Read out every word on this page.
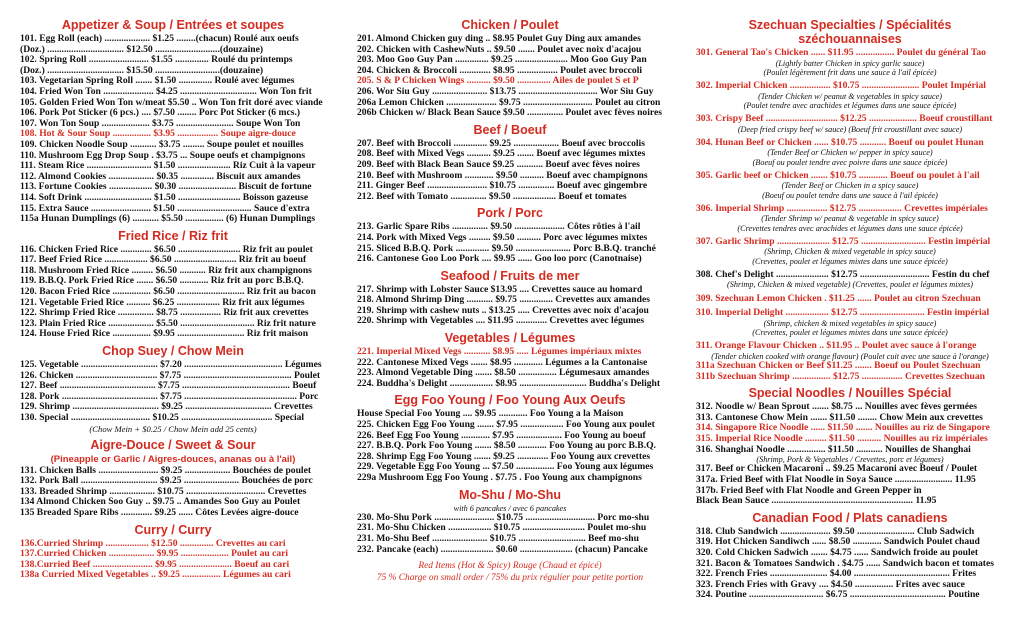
Appetizer & Soup / Entrées et soupes
101. Egg Roll (each) ................... $1.25 ........(chacun) Roulé aux oeufs
(Doz.) ................................ $12.50 ...........................(douzaine)
102. Spring Roll ......................... $1.55 .............. Roulé du printemps
(Doz.) ................................ $15.50 ...........................(douzaine)
103. Vegetarian Spring Roll ....... $1.50 .............. Roulé avec légumes
104. Fried Won Ton ..................... $4.25 ................................ Won Ton frit
105. Golden Fried Won Ton w/meat $5.50 .. Won Ton frit doré avec viande
106. Pork Pot Sticker (6 pcs.) .... $7.50 ........ Porc Pot Sticker (6 mcs.)
107. Won Ton Soup .................... $3.75 ........................ Soupe Won Ton
108. Hot & Sour Soup ................ $3.95 ................. Soupe aigre-douce
109. Chicken Noodle Soup ........... $3.75 ......... Soupe poulet et nouilles
110. Mushroom Egg Drop Soup . $3.75 ... Soupe oeufs et champignons
111. Steam Rice ........................... $1.50 ...................... Riz Cuit à la vapeur
112. Almond Cookies ................... $0.35 .............. Biscuit aux amandes
113. Fortune Cookies .................. $0.30 ........................ Biscuit de fortune
114. Soft Drink ............................ $1.50 .......................... Boisson gazeuse
115. Extra Sauce ......................... $1.50 ............................... Sauce d'extra
115a Hunan Dumplings (6) ........... $5.50 ................ (6) Hunan Dumplings
Fried Rice / Riz frit
116. Chicken Fried Rice ............. $6.50 .......................... Riz frit au poulet
117. Beef Fried Rice .................. $6.50 .......................... Riz frit au boeuf
118. Mushroom Fried Rice ......... $6.50 ........... Riz frit aux champignons
119. B.B.Q. Pork Fried Rice ....... $6.50 ............ Riz frit au porc B.B.Q.
120. Bacon Fried Rice ................ $6.50 ............................ Riz frit au bacon
121. Vegetable Fried Rice .......... $6.25 .................. Riz frit aux légumes
122. Shrimp Fried Rice ............... $8.75 ................. Riz frit aux crevettes
123. Plain Fried Rice ................... $5.50 ............................... Riz frit nature
124. House Fried Rice ................ $9.95 ............................ Riz frit maison
Chop Suey / Chow Mein
125. Vegetable ................................ $7.20 ......................................... Légumes
126. Chicken .................................. $7.75 ............................................. Poulet
127. Beef ........................................ $7.75 ............................................. Boeuf
128. Pork ........................................ $7.75 ............................................... Porc
129. Shrimp .................................... $9.25 .................................... Crevettes
130. Special ................................. $10.25 ...................................... Special
(Chow Mein + $0.25 / Chow Mein add 25 cents)
Aigre-Douce / Sweet & Sour
(Pineapple or Garlic / Aigres-douces, ananas ou à l'ail)
131. Chicken Balls ......................... $9.25 ................... Bouchées de poulet
132. Pork Ball ................................ $9.25 ....................... Bouchées de porc
133. Breaded Shrimp ................... $10.75 ................................. Crevettes
134 Almond Chicken Soo Guy .. $9.75 .. Amandes Soo Guy au Poulet
135 Breaded Spare Ribs ............. $9.25 ...... Côtes Levées aigre-douce
Curry / Curry
136.Curried Shrimp .................. $12.50 .............. Crevettes au cari
137.Curried Chicken ................... $9.95 .................... Poulet au cari
138.Curried Beef ......................... $9.95 ...................... Boeuf au cari
138a Curried Mixed Vegetables .. $9.25 ................ Légumes au cari
Chicken / Poulet
201. Almond Chicken guy ding .. $8.95 Poulet Guy Ding aux amandes
202. Chicken with CashewNuts .. $9.50 ....... Poulet avec noix d'acajou
203. Moo Goo Guy Pan .............. $9.25 ...................... Moo Goo Guy Pan
204. Chicken & Broccoli ............. $8.95 ................. Poulet avec broccoli
205. S & P Chicken Wings .......... $9.50 .............. Ailes de poulet S et P
206. Wor Siu Guy ....................... $13.75 ................................. Wor Siu Guy
206a Lemon Chicken ..................... $9.75 ............................. Poulet au citron
206b Chicken w/ Black Bean Sauce $9.50 ............... Poulet avec fèves noires
Beef / Boeuf
207. Beef with Broccoli .............. $9.25 ................... Boeuf avec broccolis
208. Beef with Mixed Vegs .......... $9.25 ....... Boeuf avec légumes mixtes
209. Beef with Black Bean Sauce $9.25 ........... Boeuf avec fèves noires
210. Beef with Mushroom ............ $9.50 .......... Boeuf avec champignons
211. Ginger Beef ......................... $10.75 ............... Boeuf avec gingembre
212. Beef with Tomato ............... $9.50 .................. Boeuf et tomates
Pork / Porc
213. Garlic Spare Ribs ............... $9.50 ..................... Côtes rôties à l'ail
214. Pork with Mixed Vegs ......... $9.50 .......... Porc avec légumes mixtes
215. Sliced B.B.Q. Pork .............. $9.50 ....................... Porc B.B.Q. tranché
216. Cantonese Goo Loo Pork .... $9.95 ...... Goo loo porc (Canotnaise)
Seafood / Fruits de mer
217. Shrimp with Lobster Sauce $13.95 .... Crevettes sauce au homard
218. Almond Shrimp Ding ........... $9.75 .............. Crevettes aux amandes
219. Shrimp with cashew nuts .. $13.25 ..... Crevettes avec noix d'acajou
220. Shrimp with Vegetables .... $11.95 ............. Crevettes avec légumes
Vegetables / Légumes
221. Imperial Mixed Vegs ........... $8.95 ..... Légumes impériaux mixtes
222. Cantonese Mixed Vegs ....... $8.95 ............ Légumes a la Cantonaise
223. Almond Vegetable Ding ....... $8.50 ................ Légumesaux amandes
224. Buddha's Delight .................. $8.95 ............................ Buddha's Delight
Egg Foo Young / Foo Young Aux Oeufs
House Special Foo Young .... $9.95 ............ Foo Young a la Maison
225. Chicken Egg Foo Young ....... $7.95 .................. Foo Young aux poulet
226. Beef Egg Foo Young ............ $7.95 ................... Foo Young au boeuf
227. B.B.Q. Pork Foo Young ....... $8.50 ............ Foo Young au porc B.B.Q.
228. Shrimp Egg Foo Young ....... $9.25 ............. Foo Young aux crevettes
229. Vegetable Egg Foo Young ... $7.50 ................ Foo Young aux légumes
229a Mushroom Egg Foo Young . $7.75 . Foo Young aux champignons
Mo-Shu / Mo-Shu
with 6 pancakes / avec 6 pancakes
230. Mo-Shu Pork ......................... $10.75 ............................. Porc mo-shu
231. Mo-Shu Chicken .................. $10.75 .......................... Poulet mo-shu
231. Mo-Shu Beef ....................... $10.75 ............................ Beef mo-shu
232. Pancake (each) ...................... $0.60 ...................... (chacun) Pancake
Red Items (Hot & Spicy) Rouge (Chaud et épicé)
75 % Charge on small order / 75% du prix régulier pour petite portion
Szechuan Specialties / Spécialités széchouannaises
301. General Tao's Chicken ...... $11.95 ................ Poulet du général Tao
(Lightly batter Chicken in spicy garlic sauce)
(Poulet légèrement frit dans une sauce à l'ail épicée)
302. Imperial Chicken ................. $10.75 ........................ Poulet Impérial
(Tender Chicken w/ peanut & vegetables in spicy sauce)
(Poulet tendre avec arachides et légumes dans une sauce épicée)
303. Crispy Beef .............................. $12.25 .................... Boeuf croustillant
(Deep fried crispy beef w/ sauce) (Boeuf frit croustillant avec sauce)
304. Hunan Beef or Chicken ...... $10.75 ........... Boeuf ou poulet Hunan
(Tender Beef or Chicken w/ pepper in spicy sauce)
(Boeuf ou poulet tendre avec poivre dans une sauce épicée)
305. Garlic beef or Chicken ....... $10.75 ............ Boeuf ou poulet à l'ail
(Tender Beef or Chicken in a spicy sauce)
(Boeuf ou poulet tendre dans une sauce à l'ail épicée)
306. Imperial Shrimp ................. $12.75 .................. Crevettes impériales
(Tender Shrimp w/ peanut & vegetable in spicy sauce)
(Crevettes tendres avec arachides et légumes dans une sauce épicée)
307. Garlic Shrimp ...................... $12.75 ........................... Festin impérial
(Shrimp, Chicken & mixed vegetable in spicy sauce)
(Crevettes, poulet et légumes mixtes dans une sauce épicée)
308. Chef's Delight ...................... $12.75 ............................. Festin du chef
(Shrimp, Chicken & mixed vegetable) (Crevettes, poulet et légumes mixtes)
309. Szechuan Lemon Chicken . $11.25 ...... Poulet au citron Szechuan
310. Imperial Delight .................. $12.75 ........................... Festin impérial
(Shrimp, chicken & mixed vegetables in spicy sauce)
(Crevettes, poulet et légumes mixtes dans une sauce épicée)
311. Orange Flavour Chicken .. $11.95 .. Poulet avec sauce à l'orange
(Tender chicken cooked with orange flavour) (Poulet cuit avec une sauce à l'orange)
311a Szechuan Chicken or Beef $11.25 ....... Boeuf ou Poulet Szechuan
311b Szechuan Shrimp ................ $12.75 ................. Crevettes Szechuan
Special Noodles / Nouilles Spécial
312. Noodle w/ Bean Sprout ....... $8.75 ... Nouilles avec fèves germées
313. Cantonese Chow Mein ....... $11.50 ........ Chow Mein aux crevettes
314. Singapore Rice Noodle ...... $11.50 ....... Nouilles au riz de Singapore
315. Imperial Rice Noodle ......... $11.50 .......... Nouilles au riz impériales
316. Shanghai Noodle ................ $11.50 ........... Nouilles de Shanghai
(Shrimp, Pork & Vegetables / Crevettes, porc et légumes)
317. Beef or Chicken Macaroni .. $9.25 Macaroni avec Boeuf / Poulet
317a. Fried Beef with Flat Noodle in Soya Sauce ........................ 11.95
317b. Fried Beef with Flat Noodle and Green Pepper in
Black Bean Sauce ........................................................... 11.95
Canadian Food / Plats canadiens
318. Club Sandwich ..................... $9.50 ........................ Club Sadwich
319. Hot Chicken Sandiwch ...... $8.50 ............ Sandwich Poulet chaud
320. Cold Chicken Sadwich ....... $4.75 ...... Sandwich froide au poulet
321. Bacon & Tomatoes Sandwich . $4.75 ...... Sandwich bacon et tomates
322. French Fries ........................ $4.00 ........................................ Frites
323. French Fries with Gravy .... $4.50 ................ Frites avec sauce
324. Poutine ............................... $6.75 ........................................ Poutine
